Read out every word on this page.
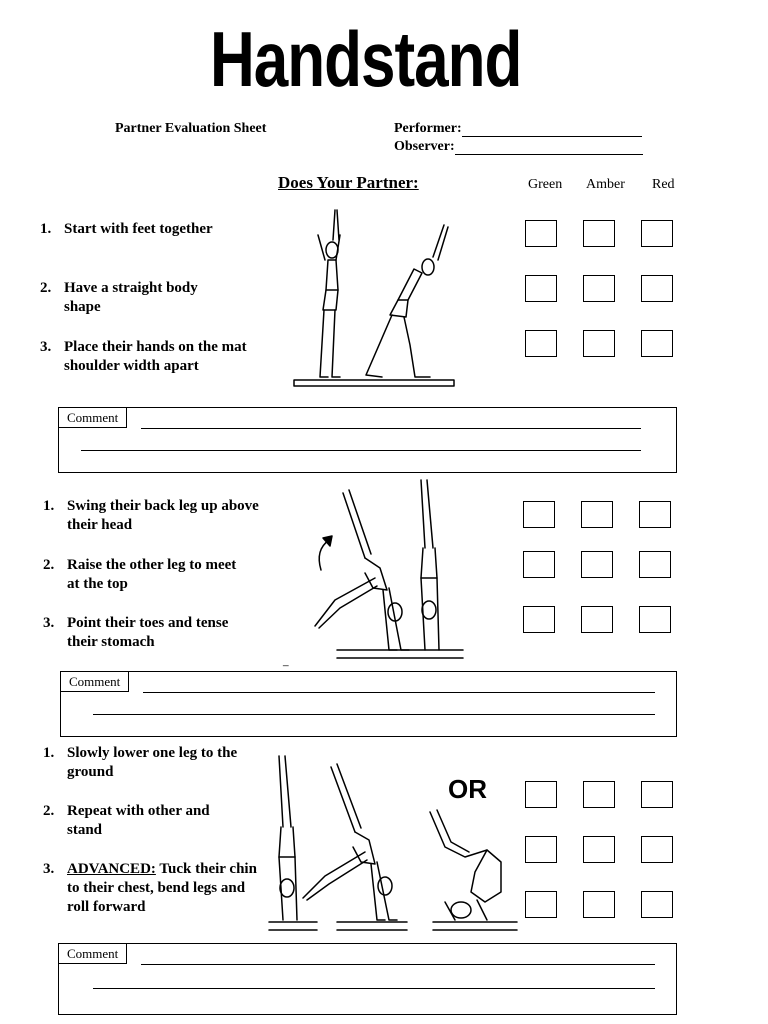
Handstand
Partner Evaluation Sheet	Performer:
Observer:
Does Your Partner:	Green Amber Red
1. Start with feet together
2. Have a straight body shape
3. Place their hands on the mat shoulder width apart
Comment
1. Swing their back leg up above their head
2. Raise the other leg to meet at the top
3. Point their toes and tense their stomach
_
Comment
1. Slowly lower one leg to the ground
2. Repeat with other and stand
3. ADVANCED: Tuck their chin to their chest, bend legs and roll forward
OR
Comment
